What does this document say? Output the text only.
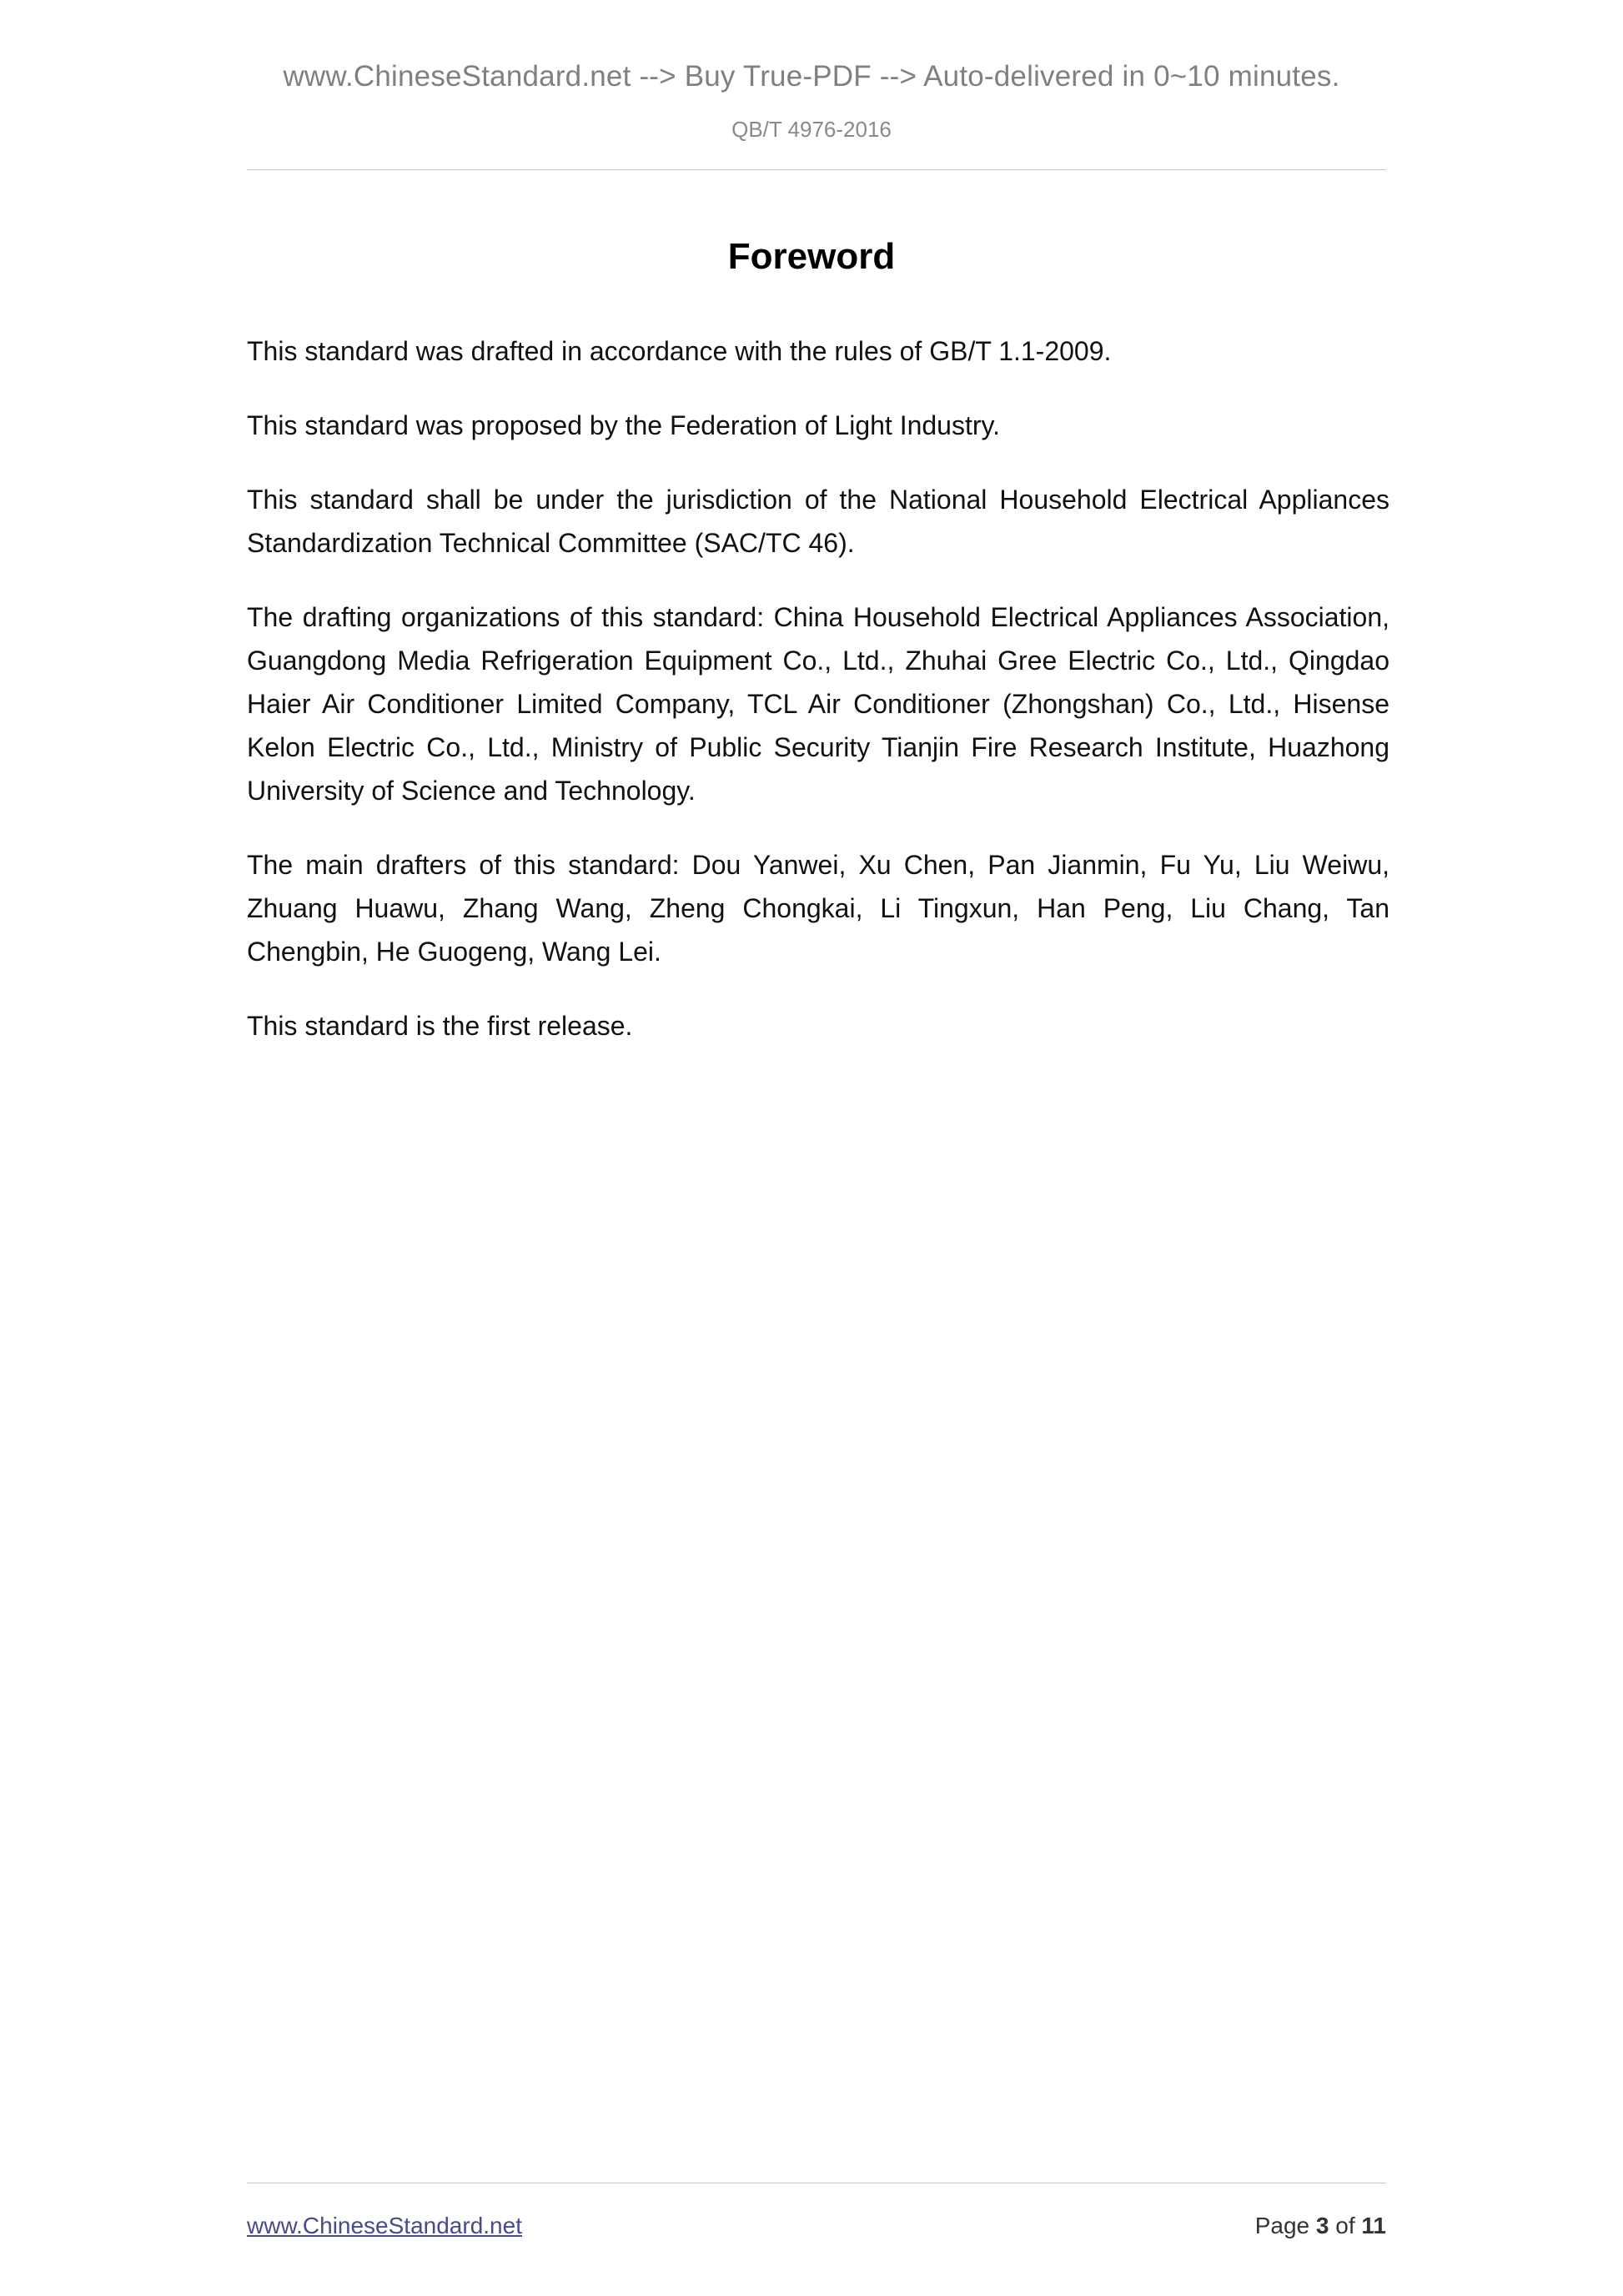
www.ChineseStandard.net --> Buy True-PDF --> Auto-delivered in 0~10 minutes.
QB/T 4976-2016
Foreword

This standard was drafted in accordance with the rules of GB/T 1.1-2009.

This standard was proposed by the Federation of Light Industry.

This standard shall be under the jurisdiction of the National Household Electrical Appliances Standardization Technical Committee (SAC/TC 46).

The drafting organizations of this standard: China Household Electrical Appliances Association, Guangdong Media Refrigeration Equipment Co., Ltd., Zhuhai Gree Electric Co., Ltd., Qingdao Haier Air Conditioner Limited Company, TCL Air Conditioner (Zhongshan) Co., Ltd., Hisense Kelon Electric Co., Ltd., Ministry of Public Security Tianjin Fire Research Institute, Huazhong University of Science and Technology.

The main drafters of this standard: Dou Yanwei, Xu Chen, Pan Jianmin, Fu Yu, Liu Weiwu, Zhuang Huawu, Zhang Wang, Zheng Chongkai, Li Tingxun, Han Peng, Liu Chang, Tan Chengbin, He Guogeng, Wang Lei.

This standard is the first release.

www.ChineseStandard.net	Page 3 of 11
